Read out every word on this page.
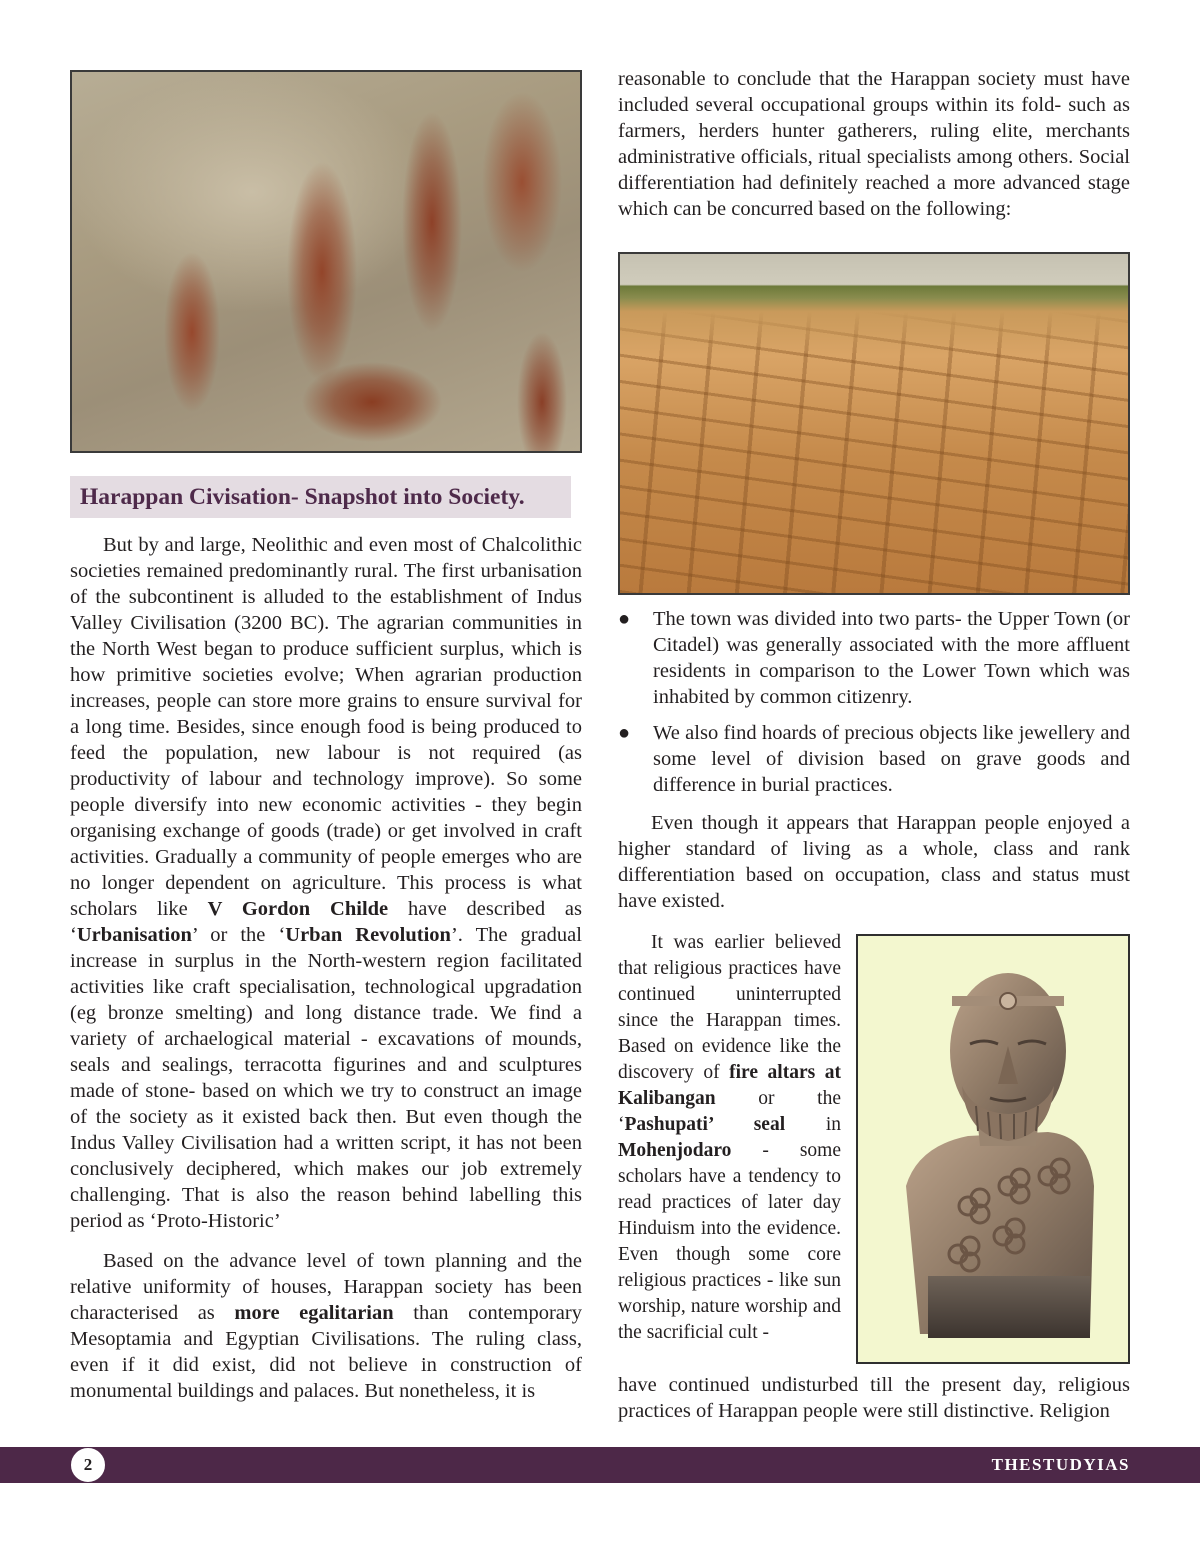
Harappan Civisation- Snapshot into Society.

But by and large, Neolithic and even most of Chalcolithic societies remained predominantly rural. The first urbanisation of the subcontinent is alluded to the establishment of Indus Valley Civilisation (3200 BC). The agrarian communities in the North West began to produce sufficient surplus, which is how primitive societies evolve; When agrarian production increases, people can store more grains to ensure survival for a long time. Besides, since enough food is being produced to feed the population, new labour is not required (as productivity of labour and technology improve). So some people diversify into new economic activities - they begin organising exchange of goods (trade) or get involved in craft activities. Gradually a community of people emerges who are no longer dependent on agriculture. This process is what scholars like V Gordon Childe have described as ‘Urbanisation’ or the ‘Urban Revolution’. The gradual increase in surplus in the North-western region facilitated activities like craft specialisation, technological upgradation (eg bronze smelting) and long distance trade. We find a variety of archaelogical material - excavations of mounds, seals and sealings, terracotta figurines and and sculptures made of stone- based on which we try to construct an image of the society as it existed back then. But even though the Indus Valley Civilisation had a written script, it has not been conclusively deciphered, which makes our job extremely challenging. That is also the reason behind labelling this period as ‘Proto-Historic’

Based on the advance level of town planning and the relative uniformity of houses, Harappan society has been characterised as more egalitarian than contemporary Mesoptamia and Egyptian Civilisations. The ruling class, even if it did exist, did not believe in construction of monumental buildings and palaces. But nonetheless, it is

reasonable to conclude that the Harappan society must have included several occupational groups within its fold- such as farmers, herders hunter gatherers, ruling elite, merchants administrative officials, ritual specialists among others. Social differentiation had definitely reached a more advanced stage which can be concurred based on the following:

● The town was divided into two parts- the Upper Town (or Citadel) was generally associated with the more affluent residents in comparison to the Lower Town which was inhabited by common citizenry.
● We also find hoards of precious objects like jewellery and some level of division based on grave goods and difference in burial practices.

Even though it appears that Harappan people enjoyed a higher standard of living as a whole, class and rank differentiation based on occupation, class and status must have existed.

It was earlier believed that religious practices have continued uninterrupted since the Harappan times. Based on evidence like the discovery of fire altars at Kalibangan or the ‘Pashupati’ seal in Mohenjodaro - some scholars have a tendency to read practices of later day Hinduism into the evidence. Even though some core religious practices - like sun worship, nature worship and the sacrificial cult -

have continued undisturbed till the present day, religious practices of Harappan people were still distinctive. Religion

2	THESTUDYIAS
